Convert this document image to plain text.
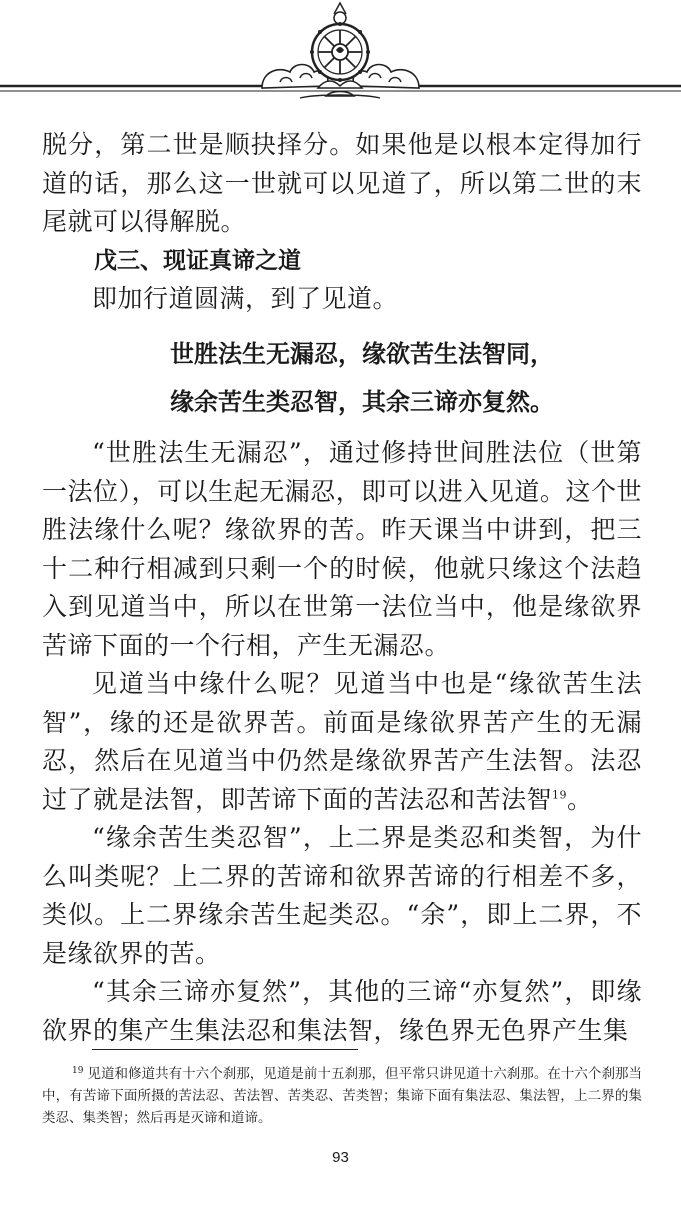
脱分，第二世是顺抉择分。如果他是以根本定得加行道的话，那么这一世就可以见道了，所以第二世的末尾就可以得解脱。

戊三、现证真谛之道

即加行道圆满，到了见道。

世胜法生无漏忍，缘欲苦生法智同，
缘余苦生类忍智，其余三谛亦复然。

“世胜法生无漏忍”，通过修持世间胜法位（世第一法位），可以生起无漏忍，即可以进入见道。这个世胜法缘什么呢？缘欲界的苦。昨天课当中讲到，把三十二种行相减到只剩一个的时候，他就只缘这个法趋入到见道当中，所以在世第一法位当中，他是缘欲界苦谛下面的一个行相，产生无漏忍。

见道当中缘什么呢？见道当中也是“缘欲苦生法智”，缘的还是欲界苦。前面是缘欲界苦产生的无漏忍，然后在见道当中仍然是缘欲界苦产生法智。法忍过了就是法智，即苦谛下面的苦法忍和苦法智$^{19}$。

“缘余苦生类忍智”，上二界是类忍和类智，为什么叫类呢？上二界的苦谛和欲界苦谛的行相差不多，类似。上二界缘余苦生起类忍。“余”，即上二界，不是缘欲界的苦。

“其余三谛亦复然”，其他的三谛“亦复然”，即缘欲界的集产生集法忍和集法智，缘色界无色界产生集

$^{19}$ 见道和修道共有十六个刹那，见道是前十五刹那，但平常只讲见道十六刹那。在十六个刹那当中，有苦谛下面所摄的苦法忍、苦法智、苦类忍、苦类智；集谛下面有集法忍、集法智，上二界的集类忍、集类智；然后再是灭谛和道谛。

93
